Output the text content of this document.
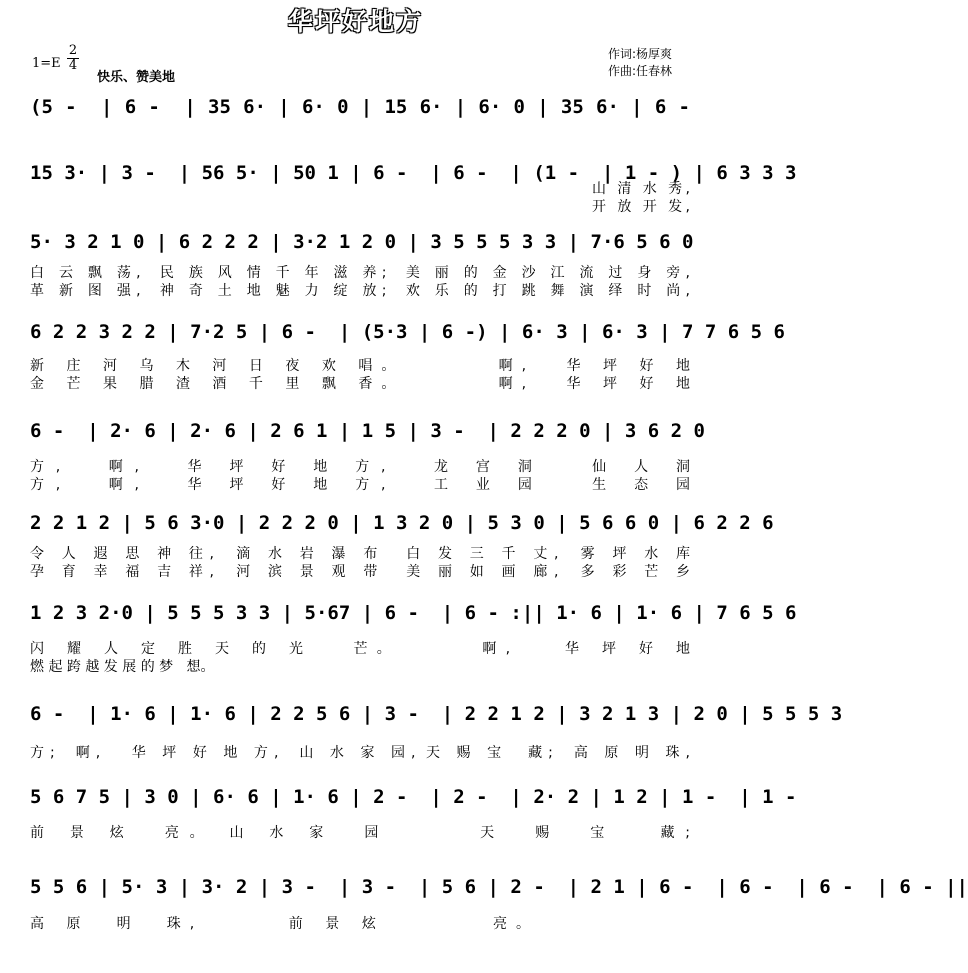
华坪好地方
1=E
2
4
快乐、赞美地
作词:杨厚爽
作曲:任春林
(5 -  | 6 -  | 35 6· | 6· 0 | 15 6· | 6· 0 | 35 6· | 6 -
15 3· | 3 -  | 56 5· | 50 1 | 6 -  | 6 -  | (1 -  | 1 - ) | 6 3 3 3
山 清 水 秀,
开 放 开 发,
5· 3 2 1 0 | 6 2 2 2 | 3·2 1 2 0 | 3 5 5 5 3 3 | 7·6 5 6 0
白 云 飘 荡,  民 族 风 情 千 年 滋 养;  美 丽 的 金 沙 江 流 过 身 旁,
革 新 图 强,  神 奇 土 地 魅 力 绽 放;  欢 乐 的 打 跳 舞 演 绎 时 尚,
6 2 2 3 2 2 | 7·2 5 | 6 -  | (5·3 | 6 -) | 6· 3 | 6· 3 | 7 7 6 5 6
新 庄 河 乌 木 河 日 夜 欢 唱。       啊,   华 坪 好 地
金 芒 果 腊 渣 酒 千 里 飘 香。       啊,   华 坪 好 地
6 -  | 2· 6 | 2· 6 | 2 6 1 | 1 5 | 3 -  | 2 2 2 0 | 3 6 2 0
方,   啊,   华 坪 好 地 方,   龙 宫 洞   仙 人 洞
方,   啊,   华 坪 好 地 方,   工 业 园   生 态 园
2 2 1 2 | 5 6 3·0 | 2 2 2 0 | 1 3 2 0 | 5 3 0 | 5 6 6 0 | 6 2 2 6
令 人 遐 思 神 往,  滴 水 岩 瀑 布  白 发 三 千 丈,  雾 坪 水 库
孕 育 幸 福 吉 祥,  河 滨 景 观 带  美 丽 如 画 廊,  多 彩 芒 乡
1 2 3 2·0 | 5 5 5 3 3 | 5·67 | 6 -  | 6 - :|| 1· 6 | 1· 6 | 7 6 5 6
闪 耀 人 定 胜 天 的 光   芒。      啊,    华 坪 好 地
燃 起 跨 越 发 展 的 梦   想。
6 -  | 1· 6 | 1· 6 | 2 2 5 6 | 3 -  | 2 2 1 2 | 3 2 1 3 | 2 0 | 5 5 5 3
方;  啊,   华 坪 好 地 方,  山 水 家 园, 天 赐 宝  藏;  高 原 明 珠,
5 6 7 5 | 3 0 | 6· 6 | 1· 6 | 2 -  | 2 -  | 2· 2 | 1 2 | 1 -  | 1 -
前 景 炫  亮。 山 水 家  园      天  赐  宝   藏;
5 5 6 | 5· 3 | 3· 2 | 3 -  | 3 -  | 5 6 | 2 -  | 2 1 | 6 -  | 6 -  | 6 -  | 6 - ||
高 原  明  珠,       前 景 炫        亮。
